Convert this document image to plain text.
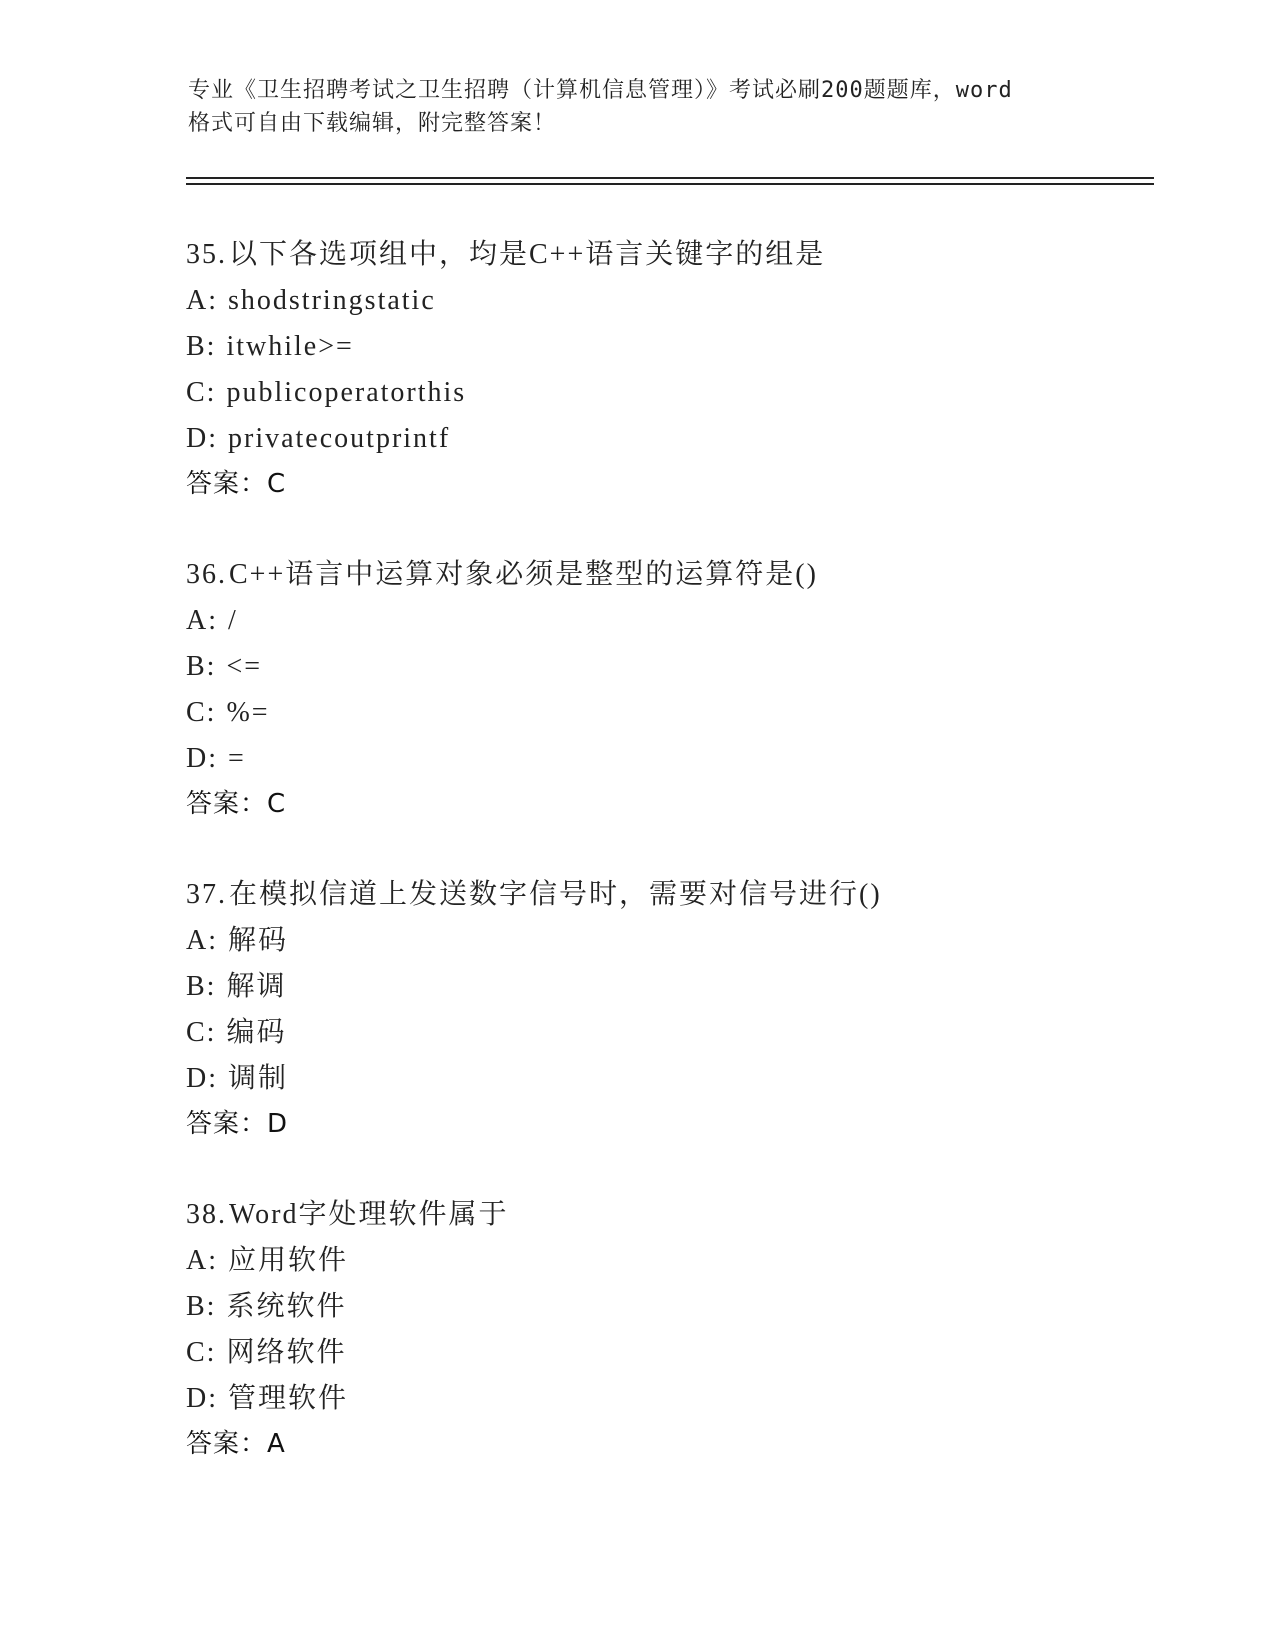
专业《卫生招聘考试之卫生招聘（计算机信息管理）》考试必刷200题题库，word
格式可自由下载编辑，附完整答案！
35.以下各选项组中，均是C++语言关键字的组是
A: shodstringstatic
B: itwhile>=
C: publicoperatorthis
D: privatecoutprintf
答案：C
36.C++语言中运算对象必须是整型的运算符是()
A: /
B: <=
C: %=
D: =
答案：C
37.在模拟信道上发送数字信号时，需要对信号进行()
A: 解码
B: 解调
C: 编码
D: 调制
答案：D
38.Word字处理软件属于
A: 应用软件
B: 系统软件
C: 网络软件
D: 管理软件
答案：A
